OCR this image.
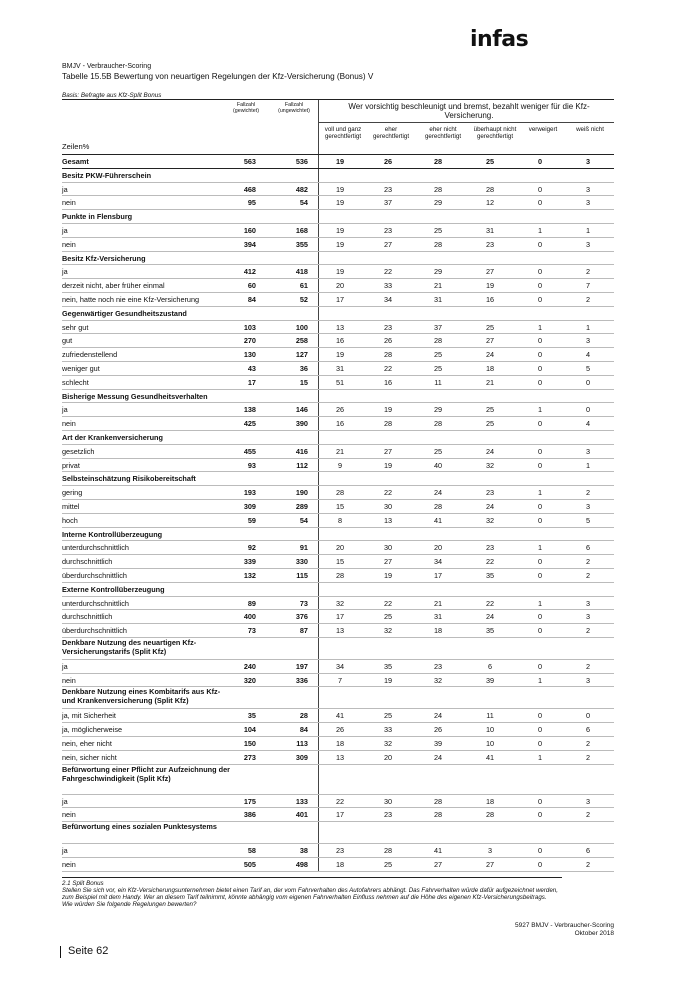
infas
BMJV - Verbraucher-Scoring
Tabelle 15.5B Bewertung von neuartigen Regelungen der Kfz-Versicherung (Bonus) V
Basis: Befragte aus Kfz-Split Bonus
Fallzahl (gewichtet)
Fallzahl (ungewichtet)	Wer vorsichtig beschleunigt und bremst, bezahlt weniger für die Kfz-Versicherung.
voll und ganz gerechtfertigt
eher gerechtfertigt
eher nicht gerechtfertigt
überhaupt nicht gerechtfertigt
verweigert	weiß nicht
Zeilen%
Gesamt	563	536	19	26	28	25	0	3
Besitz PKW-Führerschein
ja	468	482	19	23	28	28	0	3
nein	95	54	19	37	29	12	0	3
Punkte in Flensburg
ja	160	168	19	23	25	31	1	1
nein	394	355	19	27	28	23	0	3
Besitz Kfz-Versicherung
ja	412	418	19	22	29	27	0	2
derzeit nicht, aber früher einmal	60	61	20	33	21	19	0	7
nein, hatte noch nie eine Kfz-Versicherung	84	52	17	34	31	16	0	2
Gegenwärtiger Gesundheitszustand
sehr gut	103	100	13	23	37	25	1	1
gut	270	258	16	26	28	27	0	3
zufriedenstellend	130	127	19	28	25	24	0	4
weniger gut	43	36	31	22	25	18	0	5
schlecht	17	15	51	16	11	21	0	0
Bisherige Messung Gesundheitsverhalten
ja	138	146	26	19	29	25	1	0
nein	425	390	16	28	28	25	0	4
Art der Krankenversicherung
gesetzlich	455	416	21	27	25	24	0	3
privat	93	112	9	19	40	32	0	1
Selbsteinschätzung Risikobereitschaft
gering	193	190	28	22	24	23	1	2
mittel	309	289	15	30	28	24	0	3
hoch	59	54	8	13	41	32	0	5
Interne Kontrollüberzeugung
unterdurchschnittlich	92	91	20	30	20	23	1	6
durchschnittlich	339	330	15	27	34	22	0	2
überdurchschnittlich	132	115	28	19	17	35	0	2
Externe Kontrollüberzeugung
unterdurchschnittlich	89	73	32	22	21	22	1	3
durchschnittlich	400	376	17	25	31	24	0	3
überdurchschnittlich	73	87	13	32	18	35	0	2
Denkbare Nutzung des neuartigen Kfz-Versicherungstarifs (Split Kfz)
ja	240	197	34	35	23	6	0	2
nein	320	336	7	19	32	39	1	3
Denkbare Nutzung eines Kombitarifs aus Kfz- und Krankenversicherung (Split Kfz)
ja, mit Sicherheit	35	28	41	25	24	11	0	0
ja, möglicherweise	104	84	26	33	26	10	0	6
nein, eher nicht	150	113	18	32	39	10	0	2
nein, sicher nicht	273	309	13	20	24	41	1	2
Befürwortung einer Pflicht zur Aufzeichnung der Fahrgeschwindigkeit (Split Kfz)
ja	175	133	22	30	28	18	0	3
nein	386	401	17	23	28	28	0	2
Befürwortung eines sozialen Punktesystems
ja	58	38	23	28	41	3	0	6
nein	505	498	18	25	27	27	0	2
2.1 Split Bonus
Stellen Sie sich vor, ein Kfz-Versicherungsunternehmen bietet einen Tarif an, der vom Fahrverhalten des Autofahrers abhängt. Das Fahrverhalten würde dafür aufgezeichnet werden, zum Beispiel mit dem Handy. Wer an diesem Tarif teilnimmt, könnte abhängig vom eigenen Fahrverhalten Einfluss nehmen auf die Höhe des eigenen Kfz-Versicherungsbeitrags.
Wie würden Sie folgende Regelungen bewerten?
5927 BMJV - Verbraucher-Scoring
Oktober 2018
Seite 62
